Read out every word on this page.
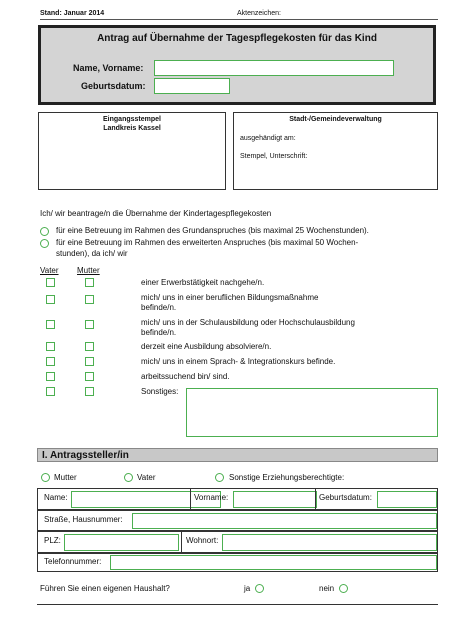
Stand: Januar 2014	Aktenzeichen:
Antrag auf Übernahme der Tagespflegekosten für das Kind
Name, Vorname:
Geburtsdatum:
Eingangsstempel
Landkreis Kassel
Stadt-/Gemeindeverwaltung
ausgehändigt am:
Stempel, Unterschrift:
Ich/ wir beantrage/n die Übernahme der Kindertagespflegekosten
für eine Betreuung im Rahmen des Grundanspruches (bis maximal 25 Wochenstunden).
für eine Betreuung im Rahmen des erweiterten Anspruches (bis maximal 50 Wochen-
stunden), da ich/ wir
Vater Mutter
einer Erwerbstätigkeit nachgehe/n.
mich/ uns in einer beruflichen Bildungsmaßnahme
befinde/n.
mich/ uns in der Schulausbildung oder Hochschulausbildung
befinde/n.
derzeit eine Ausbildung absolviere/n.
mich/ uns in einem Sprach- & Integrationskurs befinde.
arbeitssuchend bin/ sind.
Sonstiges:
I. Antragssteller/in
Mutter	Vater	Sonstige Erziehungsberechtigte:
Name:	Vorname:	Geburtsdatum:
Straße, Hausnummer:
PLZ:	Wohnort:
Telefonnummer:
Führen Sie einen eigenen Haushalt?	ja	nein
